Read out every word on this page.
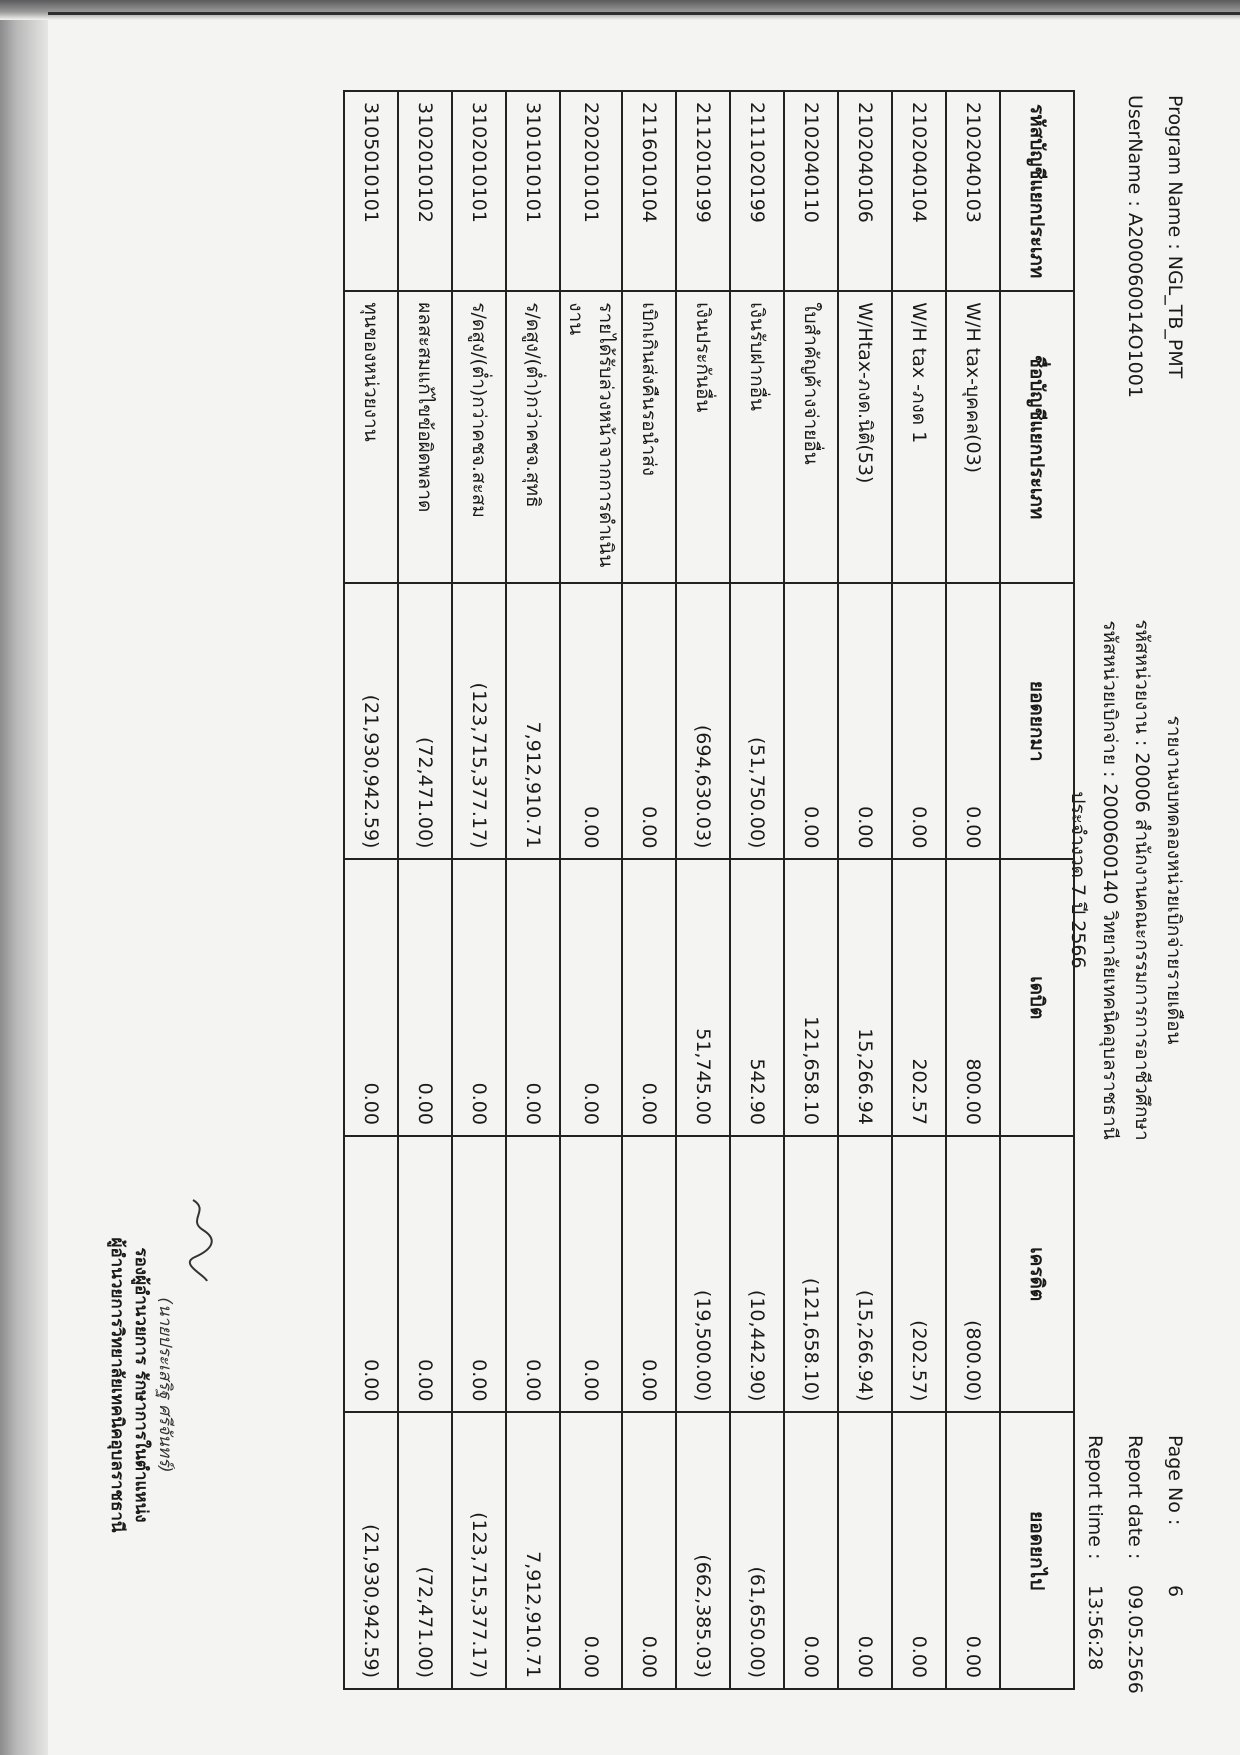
Program Name : NGL_TB_PMT
UserName : A200060014O1001
รายงานงบทดลองหน่วยเบิกจ่ายรายเดือน
รหัสหน่วยงาน : 20006 สำนักงานคณะกรรมการการอาชีวศึกษา
รหัสหน่วยเบิกจ่าย : 2000600140 วิทยาลัยเทคนิคอุบลราชธานี
ประจำงวด 7 ปี 2566
Page No :6
Report date :09.05.2566
Report time :13:56:28
รหัสบัญชีแยกประเภท	ชื่อบัญชีแยกประเภท	ยอดยกมา	เดบิต	เครดิต	ยอดยกไป
2102040103	W/H tax-บุคคล(03)	0.00	800.00	(800.00)	0.00
2102040104	W/H tax -ภงด 1	0.00	202.57	(202.57)	0.00
2102040106	W/Htax-ภงด.นิติ(53)	0.00	15,266.94	(15,266.94)	0.00
2102040110	ใบสำคัญค้างจ่ายอื่น	0.00	121,658.10	(121,658.10)	0.00
2111020199	เงินรับฝากอื่น	(51,750.00)	542.90	(10,442.90)	(61,650.00)
2112010199	เงินประกันอื่น	(694,630.03)	51,745.00	(19,500.00)	(662,385.03)
2116010104	เบิกเกินส่งคืนรอนำส่ง	0.00	0.00	0.00	0.00
2202010101	รายได้รับล่วงหน้าจากการดำเนินงาน	0.00	0.00	0.00	0.00
3101010101	ร/ดสูง/(ต่ำ)กว่าคชจ.สุทธิ	7,912,910.71	0.00	0.00	7,912,910.71
3102010101	ร/ดสูง/(ต่ำ)กว่าคชจ.สะสม	(123,715,377.17)	0.00	0.00	(123,715,377.17)
3102010102	ผลสะสมแก้ไขข้อผิดพลาด	(72,471.00)	0.00	0.00	(72,471.00)
3105010101	ทุนของหน่วยงาน	(21,930,942.59)	0.00	0.00	(21,930,942.59)
(นายประเสริฐ ศรีจันทร์)
รองผู้อำนวยการ รักษาการในตำแหน่ง
ผู้อำนวยการวิทยาลัยเทคนิคอุบลราชธานี
